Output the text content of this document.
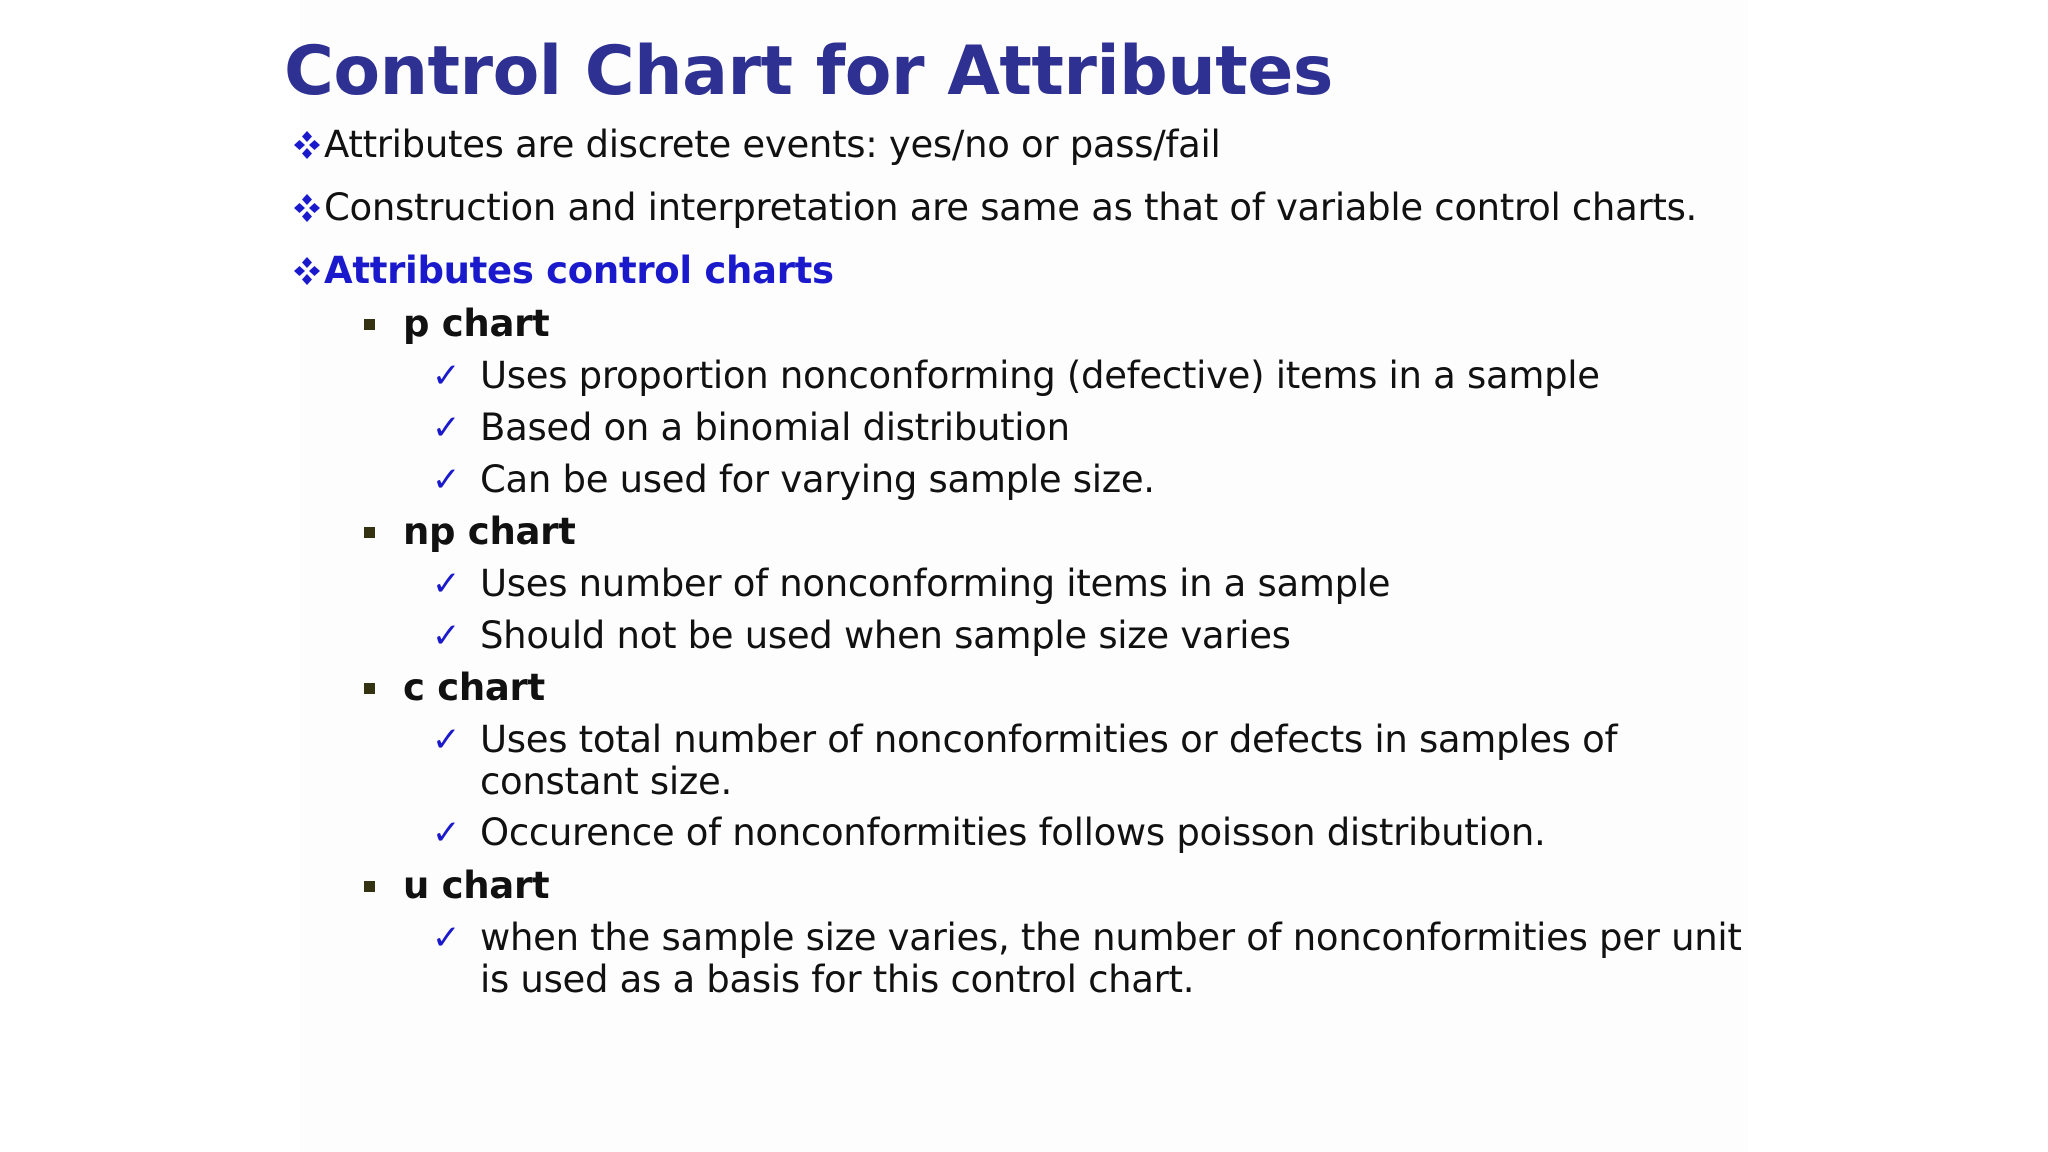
Control Chart for Attributes
Attributes are discrete events: yes/no or pass/fail
Construction and interpretation are same as that of variable control charts.
Attributes control charts
p chart
✓ Uses proportion nonconforming (defective) items in a sample
✓ Based on a binomial distribution
✓ Can be used for varying sample size.
np chart
✓ Uses number of nonconforming items in a sample
✓ Should not be used when sample size varies
c chart
✓ Uses total number of nonconformities or defects in samples of constant size.
✓ Occurence of nonconformities follows poisson distribution.
u chart
✓ when the sample size varies, the number of nonconformities per unit is used as a basis for this control chart.
